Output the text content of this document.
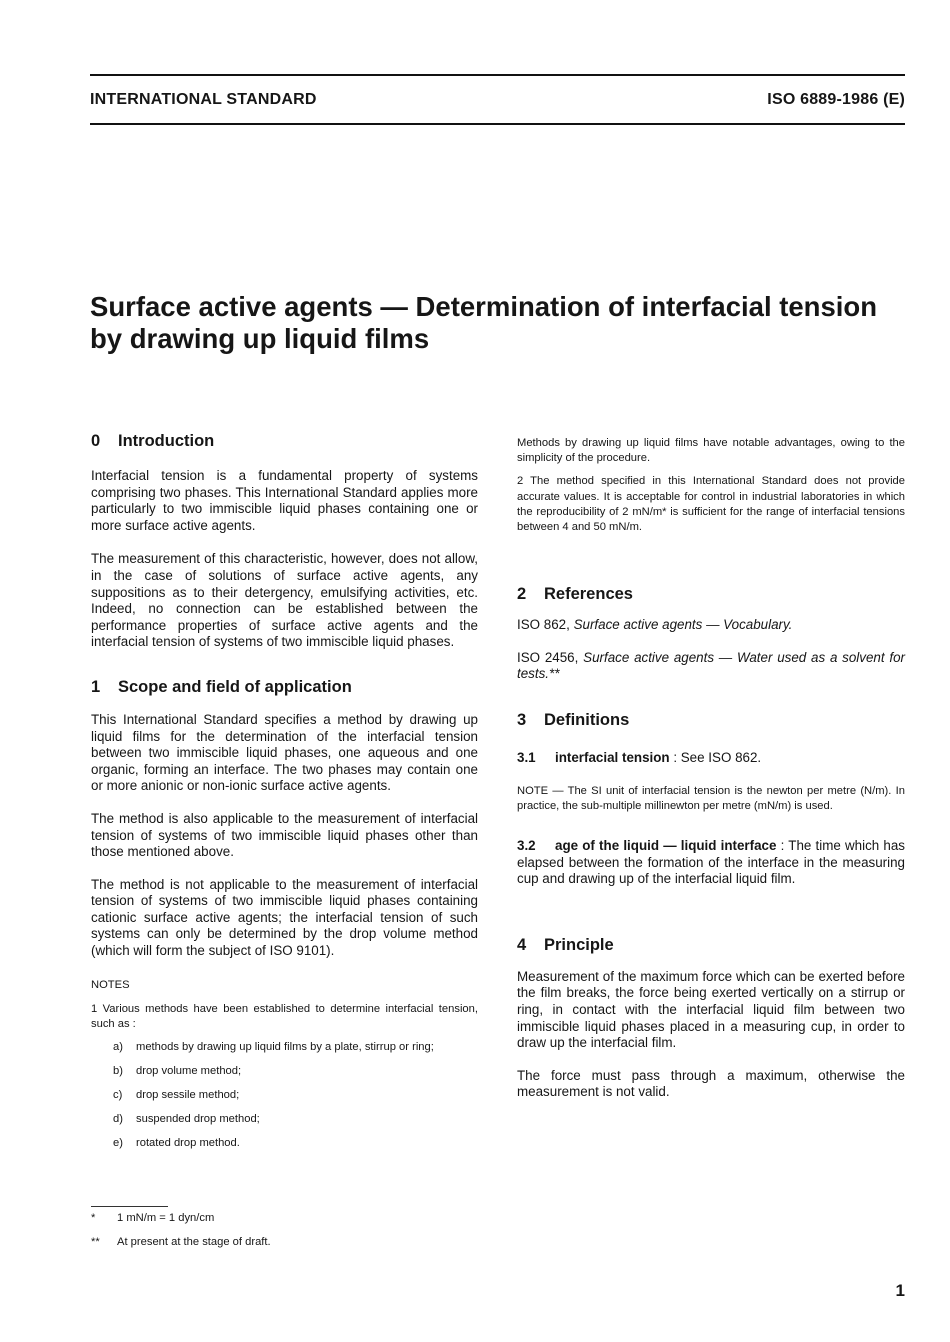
INTERNATIONAL STANDARD	ISO 6889-1986 (E)
Surface active agents — Determination of interfacial tension by drawing up liquid films
0 Introduction

Interfacial tension is a fundamental property of systems comprising two phases. This International Standard applies more particularly to two immiscible liquid phases containing one or more surface active agents.

The measurement of this characteristic, however, does not allow, in the case of solutions of surface active agents, any suppositions as to their detergency, emulsifying activities, etc. Indeed, no connection can be established between the performance properties of surface active agents and the interfacial tension of systems of two immiscible liquid phases.

1 Scope and field of application

This International Standard specifies a method by drawing up liquid films for the determination of the interfacial tension between two immiscible liquid phases, one aqueous and one organic, forming an interface. The two phases may contain one or more anionic or non-ionic surface active agents.

The method is also applicable to the measurement of interfacial tension of systems of two immiscible liquid phases other than those mentioned above.

The method is not applicable to the measurement of interfacial tension of systems of two immiscible liquid phases containing cationic surface active agents; the interfacial tension of such systems can only be determined by the drop volume method (which will form the subject of ISO 9101).

NOTES

1 Various methods have been established to determine interfacial tension, such as :

a) methods by drawing up liquid films by a plate, stirrup or ring;
b) drop volume method;
c) drop sessile method;
d) suspended drop method;
e) rotated drop method.

Methods by drawing up liquid films have notable advantages, owing to the simplicity of the procedure.

2 The method specified in this International Standard does not provide accurate values. It is acceptable for control in industrial laboratories in which the reproducibility of 2 mN/m* is sufficient for the range of interfacial tensions between 4 and 50 mN/m.

2 References

ISO 862, Surface active agents — Vocabulary.

ISO 2456, Surface active agents — Water used as a solvent for tests.**

3 Definitions

3.1 interfacial tension : See ISO 862.

NOTE — The SI unit of interfacial tension is the newton per metre (N/m). In practice, the sub-multiple millinewton per metre (mN/m) is used.

3.2 age of the liquid — liquid interface : The time which has elapsed between the formation of the interface in the measuring cup and drawing up of the interfacial liquid film.

4 Principle

Measurement of the maximum force which can be exerted before the film breaks, the force being exerted vertically on a stirrup or ring, in contact with the interfacial liquid film between two immiscible liquid phases placed in a measuring cup, in order to draw up the interfacial film.

The force must pass through a maximum, otherwise the measurement is not valid.

* 1 mN/m = 1 dyn/cm
** At present at the stage of draft.
1
